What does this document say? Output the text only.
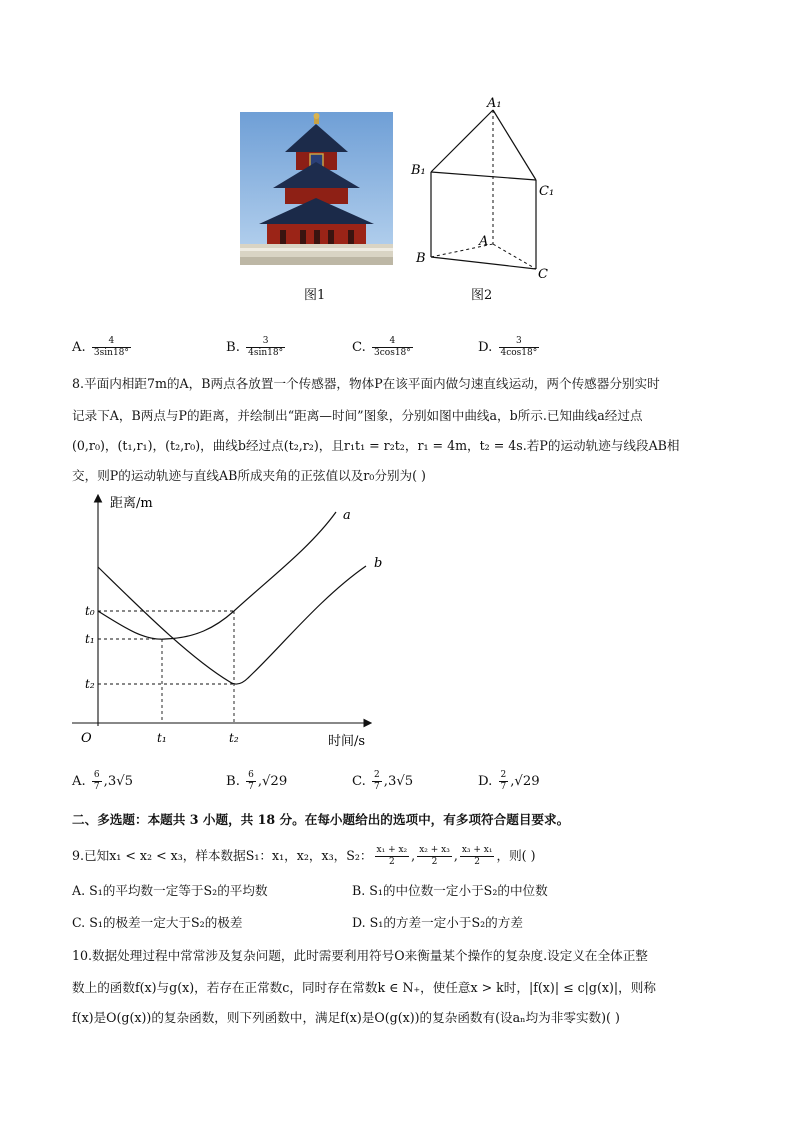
图1
A₁
B₁
C₁
A
B
C
图2
A. $\frac{4}{3\sin 18^\circ}$	B. $\frac{3}{4\sin 18^\circ}$	C. $\frac{4}{3\cos 18^\circ}$	D. $\frac{3}{4\cos 18^\circ}$
8.平面内相距7m的A，B两点各放置一个传感器，物体P在该平面内做匀速直线运动，两个传感器分别实时
记录下A，B两点与P的距离，并绘制出“距离—时间”图象，分别如图中曲线a，b所示.已知曲线a经过点
(0,r₀)，(t₁,r₁)，(t₂,r₀)，曲线b经过点(t₂,r₂)，且r₁t₁ = r₂t₂，r₁ = 4m，t₂ = 4s.若P的运动轨迹与线段AB相
交，则P的运动轨迹与直线AB所成夹角的正弦值以及r₀分别为( )
距离/m
时间/s
O
a
b
t₀
t₁
t₂
t₁	t₂
A. $\frac{6}{7} ,3√5$	B. $\frac{6}{7} ,√29$	C. $\frac{2}{7} ,3√5$	D. $\frac{2}{7} ,√29$
二、多选题：本题共 3 小题，共 18 分。在每小题给出的选项中，有多项符合题目要求。
9.已知x₁ < x₂ < x₃，样本数据S₁：x₁，x₂，x₃，S₂： $\frac{\text{x₁ + x₂}}{2}$ , $\frac{\text{x₂ + x₃}}{2}$ , $\frac{\text{x₃ + x₁}}{2}$ ，则( )
A. S₁的平均数一定等于S₂的平均数	B. S₁的中位数一定小于S₂的中位数
C. S₁的极差一定大于S₂的极差	D. S₁的方差一定小于S₂的方差
10.数据处理过程中常常涉及复杂问题，此时需要利用符号O来衡量某个操作的复杂度.设定义在全体正整
数上的函数f(x)与g(x)，若存在正常数c，同时存在常数k ∈ N₊，使任意x > k时，|f(x)| ≤ c|g(x)|，则称
f(x)是O(g(x))的复杂函数，则下列函数中，满足f(x)是O(g(x))的复杂函数有(设aₙ均为非零实数)( )
